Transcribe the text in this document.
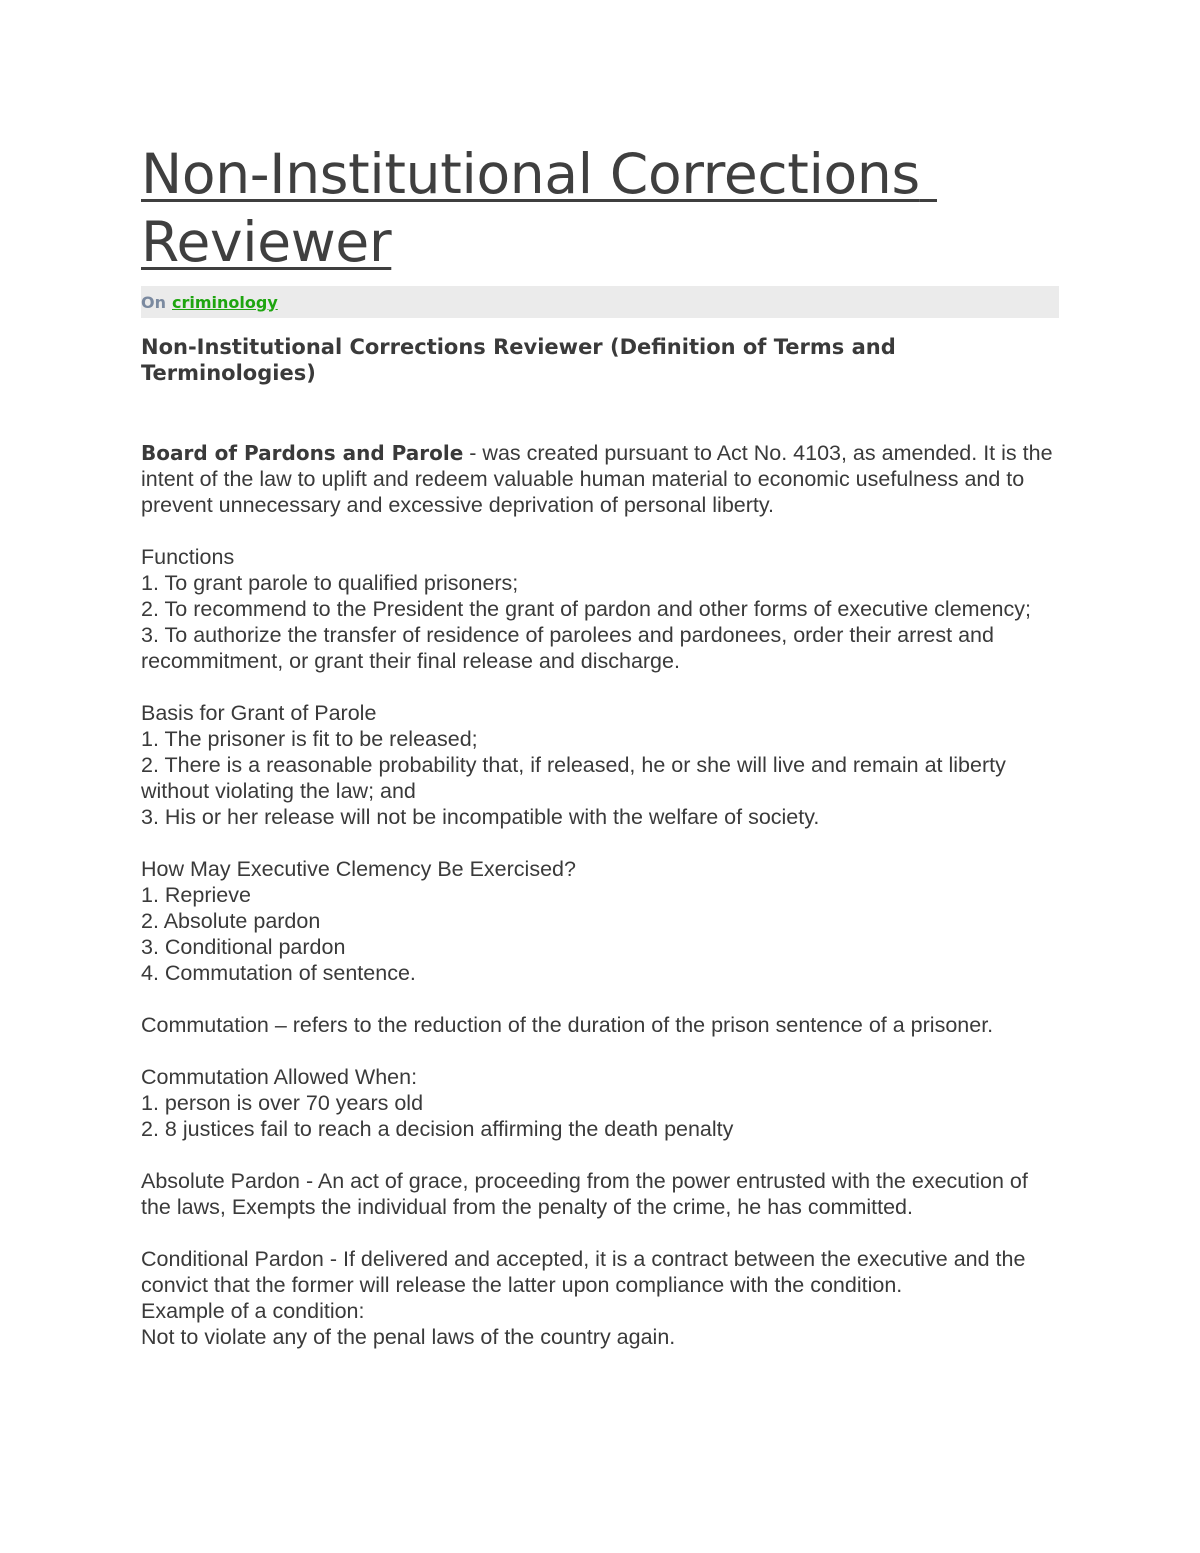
Non-Institutional Corrections Reviewer
On criminology
Non-Institutional Corrections Reviewer (Definition of Terms and Terminologies)

Board of Pardons and Parole - was created pursuant to Act No. 4103, as amended. It is the intent of the law to uplift and redeem valuable human material to economic usefulness and to prevent unnecessary and excessive deprivation of personal liberty.

Functions

1. To grant parole to qualified prisoners;

2. To recommend to the President the grant of pardon and other forms of executive clemency;

3. To authorize the transfer of residence of parolees and pardonees, order their arrest and recommitment, or grant their final release and discharge.

Basis for Grant of Parole

1. The prisoner is fit to be released;

2. There is a reasonable probability that, if released, he or she will live and remain at liberty without violating the law; and

3. His or her release will not be incompatible with the welfare of society.

How May Executive Clemency Be Exercised?

1. Reprieve

2. Absolute pardon

3. Conditional pardon

4. Commutation of sentence.

Commutation – refers to the reduction of the duration of the prison sentence of a prisoner.

Commutation Allowed When:

1. person is over 70 years old

2. 8 justices fail to reach a decision affirming the death penalty

Absolute Pardon - An act of grace, proceeding from the power entrusted with the execution of the laws, Exempts the individual from the penalty of the crime, he has committed.

Conditional Pardon - If delivered and accepted, it is a contract between the executive and the convict that the former will release the latter upon compliance with the condition.

Example of a condition:

Not to violate any of the penal laws of the country again.
